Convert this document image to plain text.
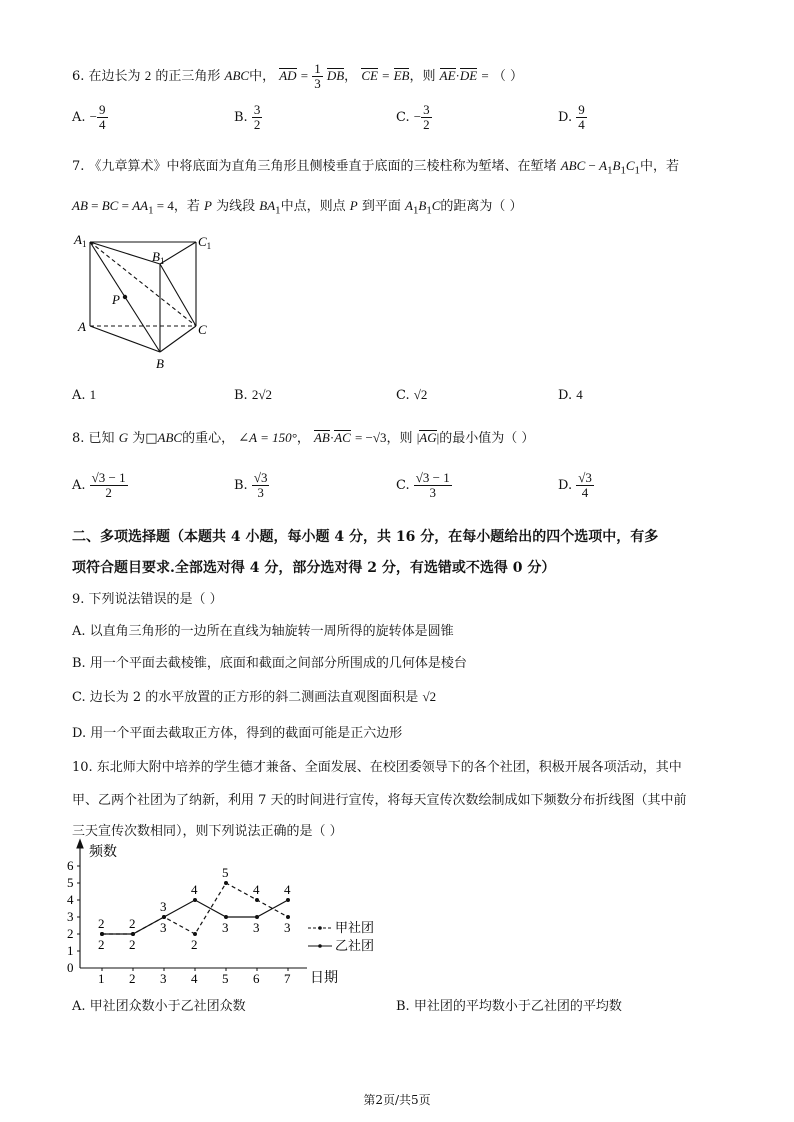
6. 在边长为 2 的正三角形 ABC中， AD = $\frac{1}{3}$ DB， CE = EB，则 AE·DE = （ ）
A. − $\frac{9}{4}$	B. $\frac{3}{2}$	C. − $\frac{3}{2}$	D. $\frac{9}{4}$
7. 《九章算术》中将底面为直角三角形且侧棱垂直于底面的三棱柱称为堑堵、在堑堵 ABC − $A_1B_1C_1$中，若
AB = BC = $AA_1 = 4$，若 P 为线段 $BA_1$中点，则点 P 到平面 $A_1B_1C$的距离为（ ）
$A_1$	$C_1$
$B_1$
P
A	C
B
A. 1	B. 2√2	C. √2	D. 4
8. 已知 G 为□ABC的重心， ∠A = 150°， AB·AC = −√3，则 |AG|的最小值为（ ）
A. $\frac{√3 - 1}{2}$	B. $\frac{√3}{3}$	C. $\frac{√3 - 1}{3}$	D. $\frac{√3}{4}$
二、多项选择题（本题共 4 小题，每小题 4 分，共 16 分，在每小题给出的四个选项中，有多
项符合题目要求.全部选对得 4 分，部分选对得 2 分，有选错或不选得 0 分）
9. 下列说法错误的是（ ）
A. 以直角三角形的一边所在直线为轴旋转一周所得的旋转体是圆锥
B. 用一个平面去截棱锥，底面和截面之间部分所围成的几何体是棱台
C. 边长为 2 的水平放置的正方形的斜二测画法直观图面积是 √2
D. 用一个平面去截取正方体，得到的截面可能是正六边形
10. 东北师大附中培养的学生德才兼备、全面发展、在校团委领导下的各个社团，积极开展各项活动，其中
甲、乙两个社团为了纳新，利用 7 天的时间进行宣传，将每天宣传次数绘制成如下频数分布折线图（其中前
三天宣传次数相同），则下列说法正确的是（ ）
频数
日期
0
1
2
3
4
5
6
1 2 3 4 5 6 7
2 2
3
2
5
4
3
2 2
3
4
3 3
4
甲社团
乙社团
A. 甲社团众数小于乙社团众数	B. 甲社团的平均数小于乙社团的平均数
第2页/共5页
